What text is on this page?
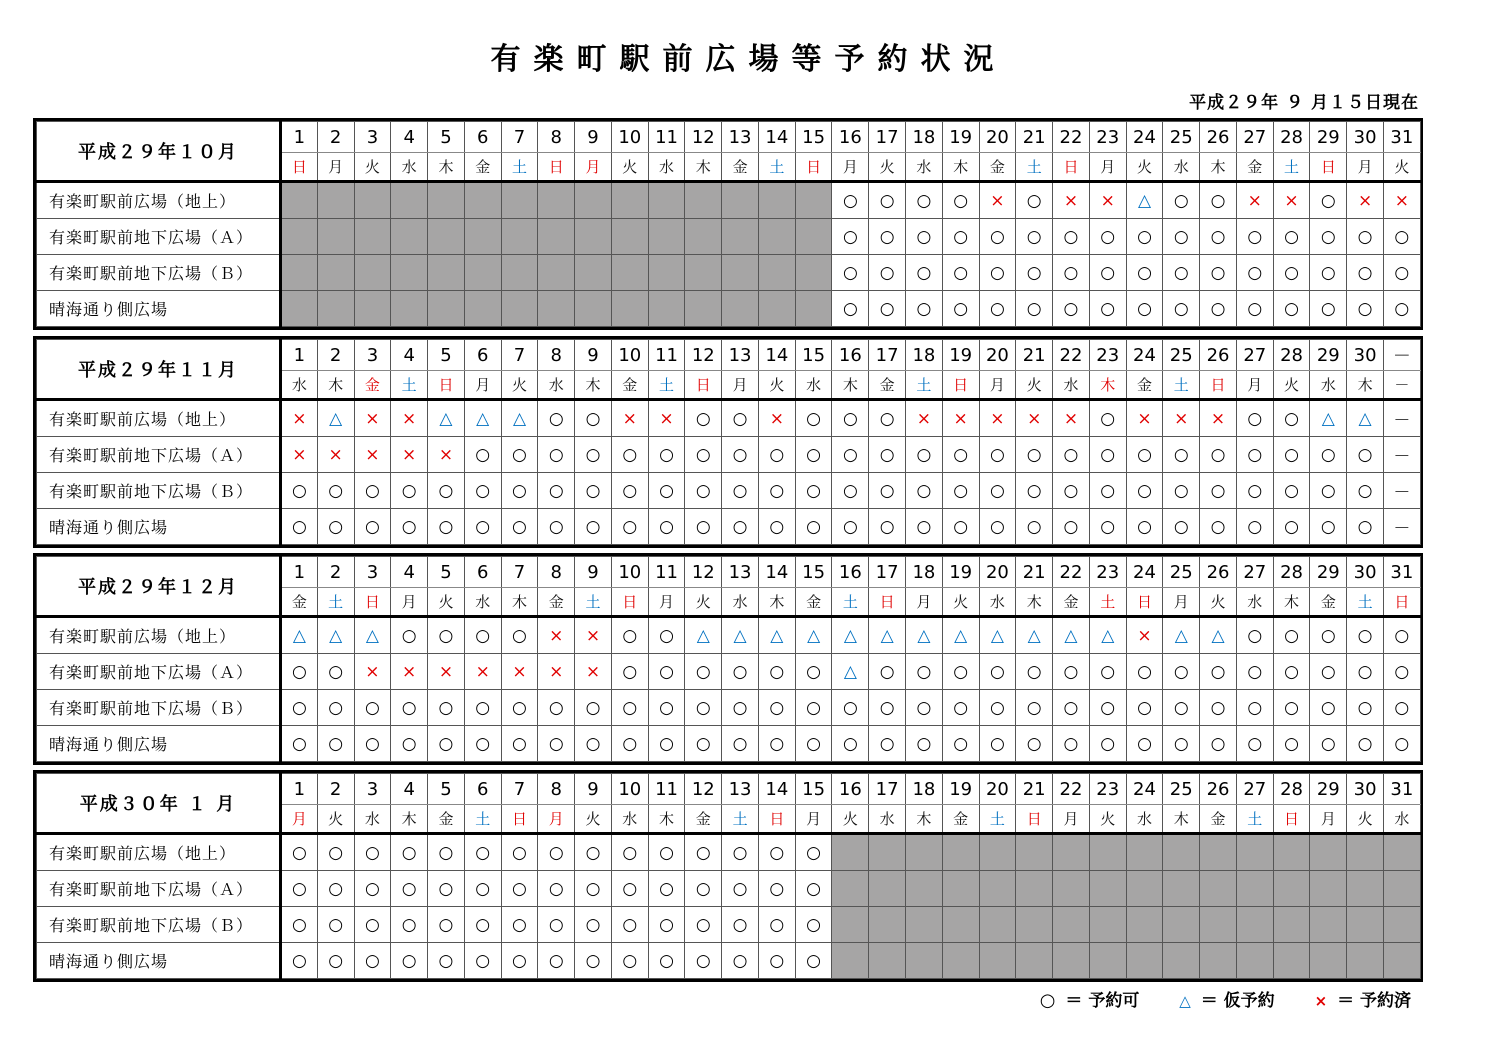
有楽町駅前広場等予約状況
平成２９年 ９ 月１５日現在
平成２９年１０月	1	2	3	4	5	6	7	8	9	10	11	12	13	14	15	16	17	18	19	20	21	22	23	24	25	26	27	28	29	30	31
	日	月	火	水	木	金	土	日	月	火	水	木	金	土	日	月	火	水	木	金	土	日	月	火	水	木	金	土	日	月	火
有楽町駅前広場（地上）																○	○	○	○	×	○	×	×	△	○	○	×	×	○	×	×
有楽町駅前地下広場（Ａ）																○	○	○	○	○	○	○	○	○	○	○	○	○	○	○	○
有楽町駅前地下広場（Ｂ）																○	○	○	○	○	○	○	○	○	○	○	○	○	○	○	○
晴海通り側広場																○	○	○	○	○	○	○	○	○	○	○	○	○	○	○	○
平成２９年１１月	1	2	3	4	5	6	7	8	9	10	11	12	13	14	15	16	17	18	19	20	21	22	23	24	25	26	27	28	29	30	－
	水	木	金	土	日	月	火	水	木	金	土	日	月	火	水	木	金	土	日	月	火	水	木	金	土	日	月	火	水	木	－
有楽町駅前広場（地上）	×	△	×	×	△	△	△	○	○	×	×	○	○	×	○	○	○	×	×	×	×	×	○	×	×	×	○	○	△	△	－
有楽町駅前地下広場（Ａ）	×	×	×	×	×	○	○	○	○	○	○	○	○	○	○	○	○	○	○	○	○	○	○	○	○	○	○	○	○	○	－
有楽町駅前地下広場（Ｂ）	○	○	○	○	○	○	○	○	○	○	○	○	○	○	○	○	○	○	○	○	○	○	○	○	○	○	○	○	○	○	－
晴海通り側広場	○	○	○	○	○	○	○	○	○	○	○	○	○	○	○	○	○	○	○	○	○	○	○	○	○	○	○	○	○	○	－
平成２９年１２月	1	2	3	4	5	6	7	8	9	10	11	12	13	14	15	16	17	18	19	20	21	22	23	24	25	26	27	28	29	30	31
	金	土	日	月	火	水	木	金	土	日	月	火	水	木	金	土	日	月	火	水	木	金	土	日	月	火	水	木	金	土	日
有楽町駅前広場（地上）	△	△	△	○	○	○	○	×	×	○	○	△	△	△	△	△	△	△	△	△	△	△	△	×	△	△	○	○	○	○	○
有楽町駅前地下広場（Ａ）	○	○	×	×	×	×	×	×	×	○	○	○	○	○	○	△	○	○	○	○	○	○	○	○	○	○	○	○	○	○	○
有楽町駅前地下広場（Ｂ）	○	○	○	○	○	○	○	○	○	○	○	○	○	○	○	○	○	○	○	○	○	○	○	○	○	○	○	○	○	○	○
晴海通り側広場	○	○	○	○	○	○	○	○	○	○	○	○	○	○	○	○	○	○	○	○	○	○	○	○	○	○	○	○	○	○	○
平成３０年 １ 月	1	2	3	4	5	6	7	8	9	10	11	12	13	14	15	16	17	18	19	20	21	22	23	24	25	26	27	28	29	30	31
	月	火	水	木	金	土	日	月	火	水	木	金	土	日	月	火	水	木	金	土	日	月	火	水	木	金	土	日	月	火	水
有楽町駅前広場（地上）	○	○	○	○	○	○	○	○	○	○	○	○	○	○	○																
有楽町駅前地下広場（Ａ）	○	○	○	○	○	○	○	○	○	○	○	○	○	○	○																
有楽町駅前地下広場（Ｂ）	○	○	○	○	○	○	○	○	○	○	○	○	○	○	○																
晴海通り側広場	○	○	○	○	○	○	○	○	○	○	○	○	○	○	○																
○ ＝ 予約可	△ ＝ 仮予約	× ＝ 予約済
